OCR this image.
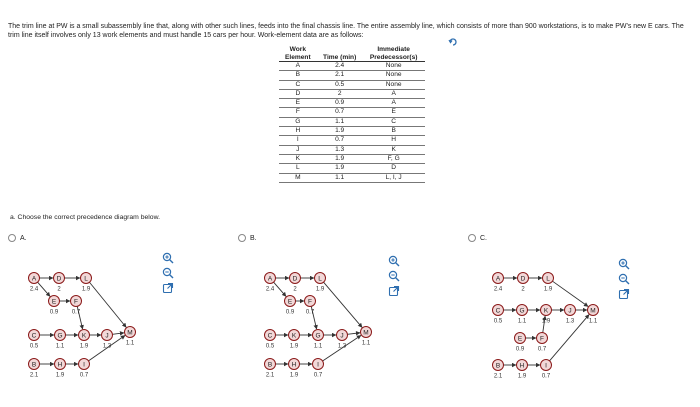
The trim line at PW is a small subassembly line that, along with other such lines, feeds into the final chassis line. The entire assembly line, which consists of more than 900 workstations, is to make PW's new E cars. The trim line itself involves only 13 work elements and must handle 15 cars per hour. Work-element data are as follows:
Work Element	Time (min)	Immediate Predecessor(s)
A	2.4	None
B	2.1	None
C	0.5	None
D	2	A
E	0.9	A
F	0.7	E
G	1.1	C
H	1.9	B
I	0.7	H
J	1.3	K
K	1.9	F, G
L	1.9	D
M	1.1	L, I, J
a. Choose the correct precedence diagram below.
A.	B.	C.
A
2.4
D
2
L
1.9
E
0.9
F
0.7
C
0.5
G
1.1
K
1.9
J
1.3
M
1.1
B
2.1
H
1.9
I
0.7
A
2.4
D
2
L
1.9
E
0.9
F
0.7
C
0.5
K
1.9
G
1.1
J
1.3
M
1.1
B
2.1
H
1.9
I
0.7
A
2.4
D
2
L
1.9
C
0.5
G
1.1
K
1.9
J
1.3
M
1.1
E
0.9
F
0.7
B
2.1
H
1.9
I
0.7
